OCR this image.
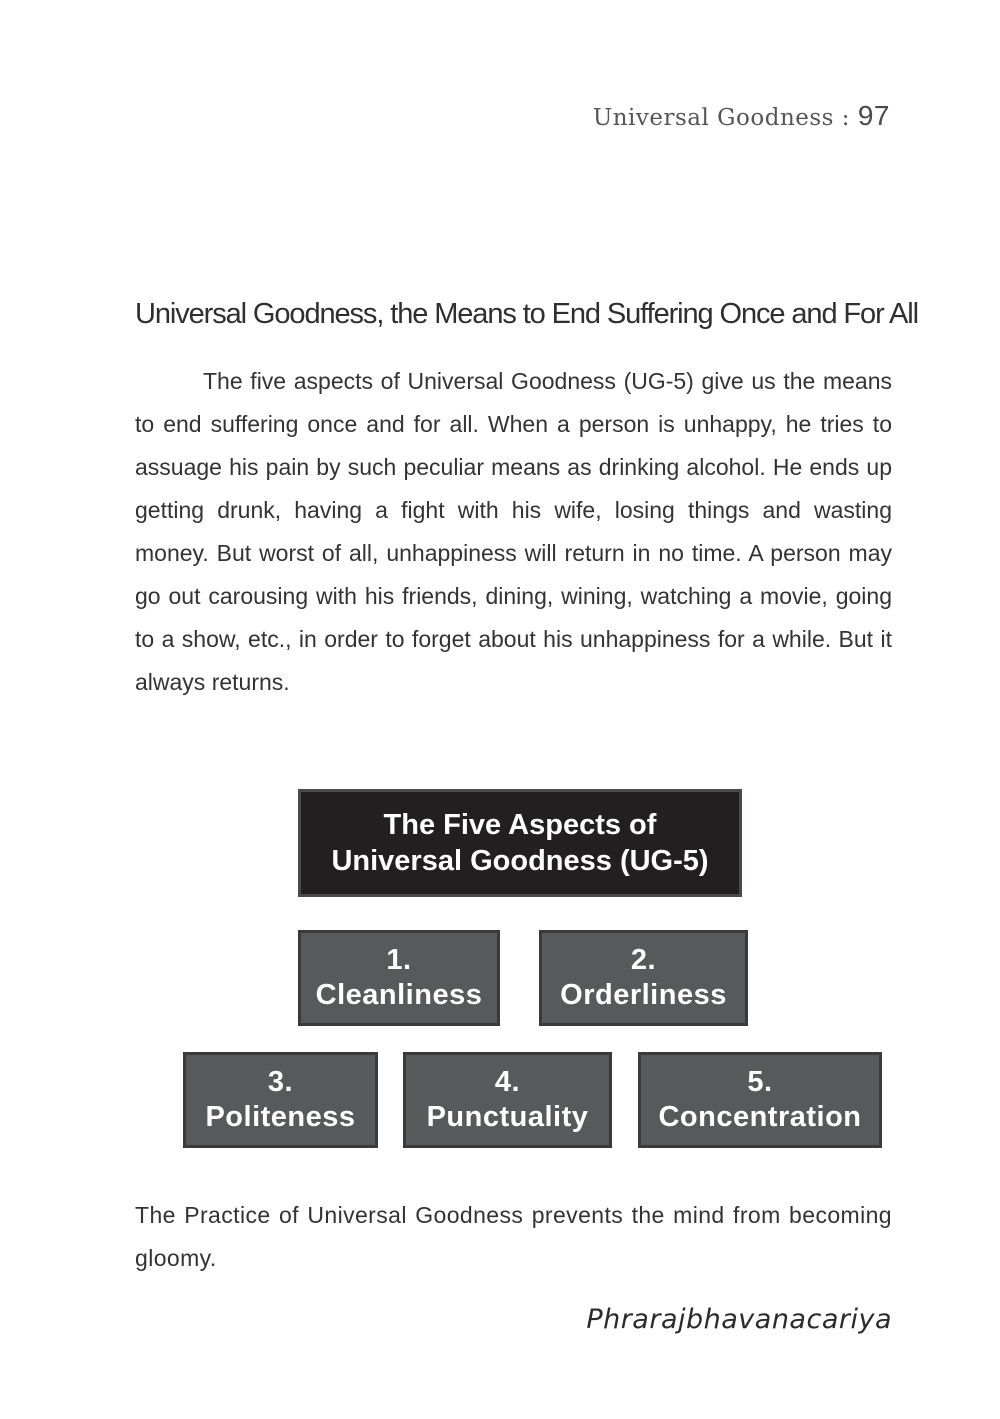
Universal Goodness : 97
Universal Goodness, the Means to End Suffering Once and For All
The five aspects of Universal Goodness (UG-5) give us the means to end suffering once and for all. When a person is unhappy, he tries to assuage his pain by such peculiar means as drinking alcohol. He ends up getting drunk, having a fight with his wife, losing things and wasting money. But worst of all, unhappiness will return in no time. A person may go out carousing with his friends, dining, wining, watching a movie, going to a show, etc., in order to forget about his unhappiness for a while. But it always returns.
The Five Aspects of
Universal Goodness (UG-5)
1.
Cleanliness
2.
Orderliness
3.
Politeness
4.
Punctuality
5.
Concentration
The Practice of Universal Goodness prevents the mind from becoming gloomy.
Phrarajbhavanacariya
